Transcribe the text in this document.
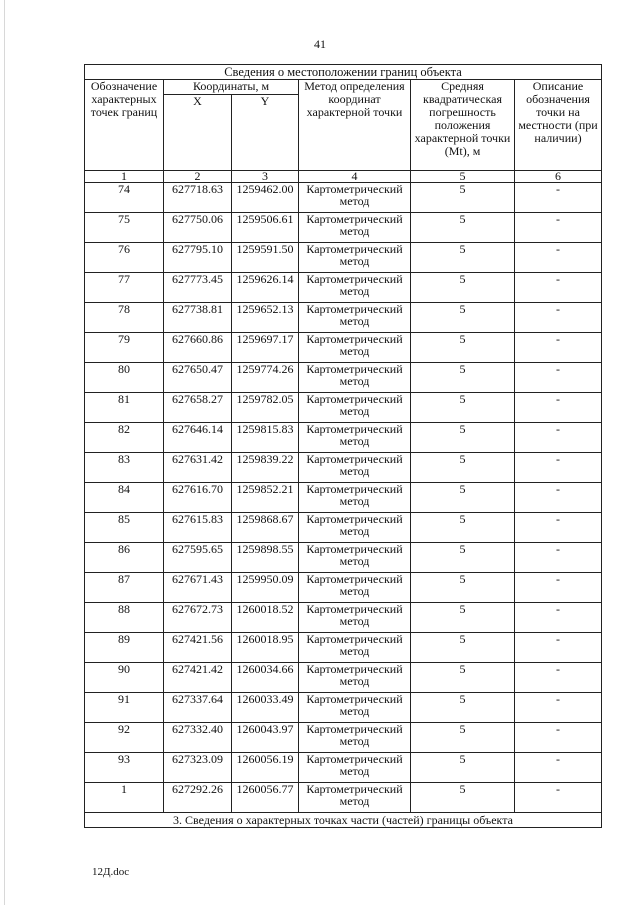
41
Сведения о местоположении границ объекта					
Обозначение характерных точек границ	Координаты, м		Метод определения координат характерной точки	Средняя квадратическая погрешность положения характерной точки (Mt), м	Описание обозначения точки на местности (при наличии)
	X	Y			
1	2	3	4	5	6
74	627718.63	1259462.00	Картометрический метод	5	-
75	627750.06	1259506.61	Картометрический метод	5	-
76	627795.10	1259591.50	Картометрический метод	5	-
77	627773.45	1259626.14	Картометрический метод	5	-
78	627738.81	1259652.13	Картометрический метод	5	-
79	627660.86	1259697.17	Картометрический метод	5	-
80	627650.47	1259774.26	Картометрический метод	5	-
81	627658.27	1259782.05	Картометрический метод	5	-
82	627646.14	1259815.83	Картометрический метод	5	-
83	627631.42	1259839.22	Картометрический метод	5	-
84	627616.70	1259852.21	Картометрический метод	5	-
85	627615.83	1259868.67	Картометрический метод	5	-
86	627595.65	1259898.55	Картометрический метод	5	-
87	627671.43	1259950.09	Картометрический метод	5	-
88	627672.73	1260018.52	Картометрический метод	5	-
89	627421.56	1260018.95	Картометрический метод	5	-
90	627421.42	1260034.66	Картометрический метод	5	-
91	627337.64	1260033.49	Картометрический метод	5	-
92	627332.40	1260043.97	Картометрический метод	5	-
93	627323.09	1260056.19	Картометрический метод	5	-
1	627292.26	1260056.77	Картометрический метод	5	-
3. Сведения о характерных точках части (частей) границы объекта					
12Д.doc
